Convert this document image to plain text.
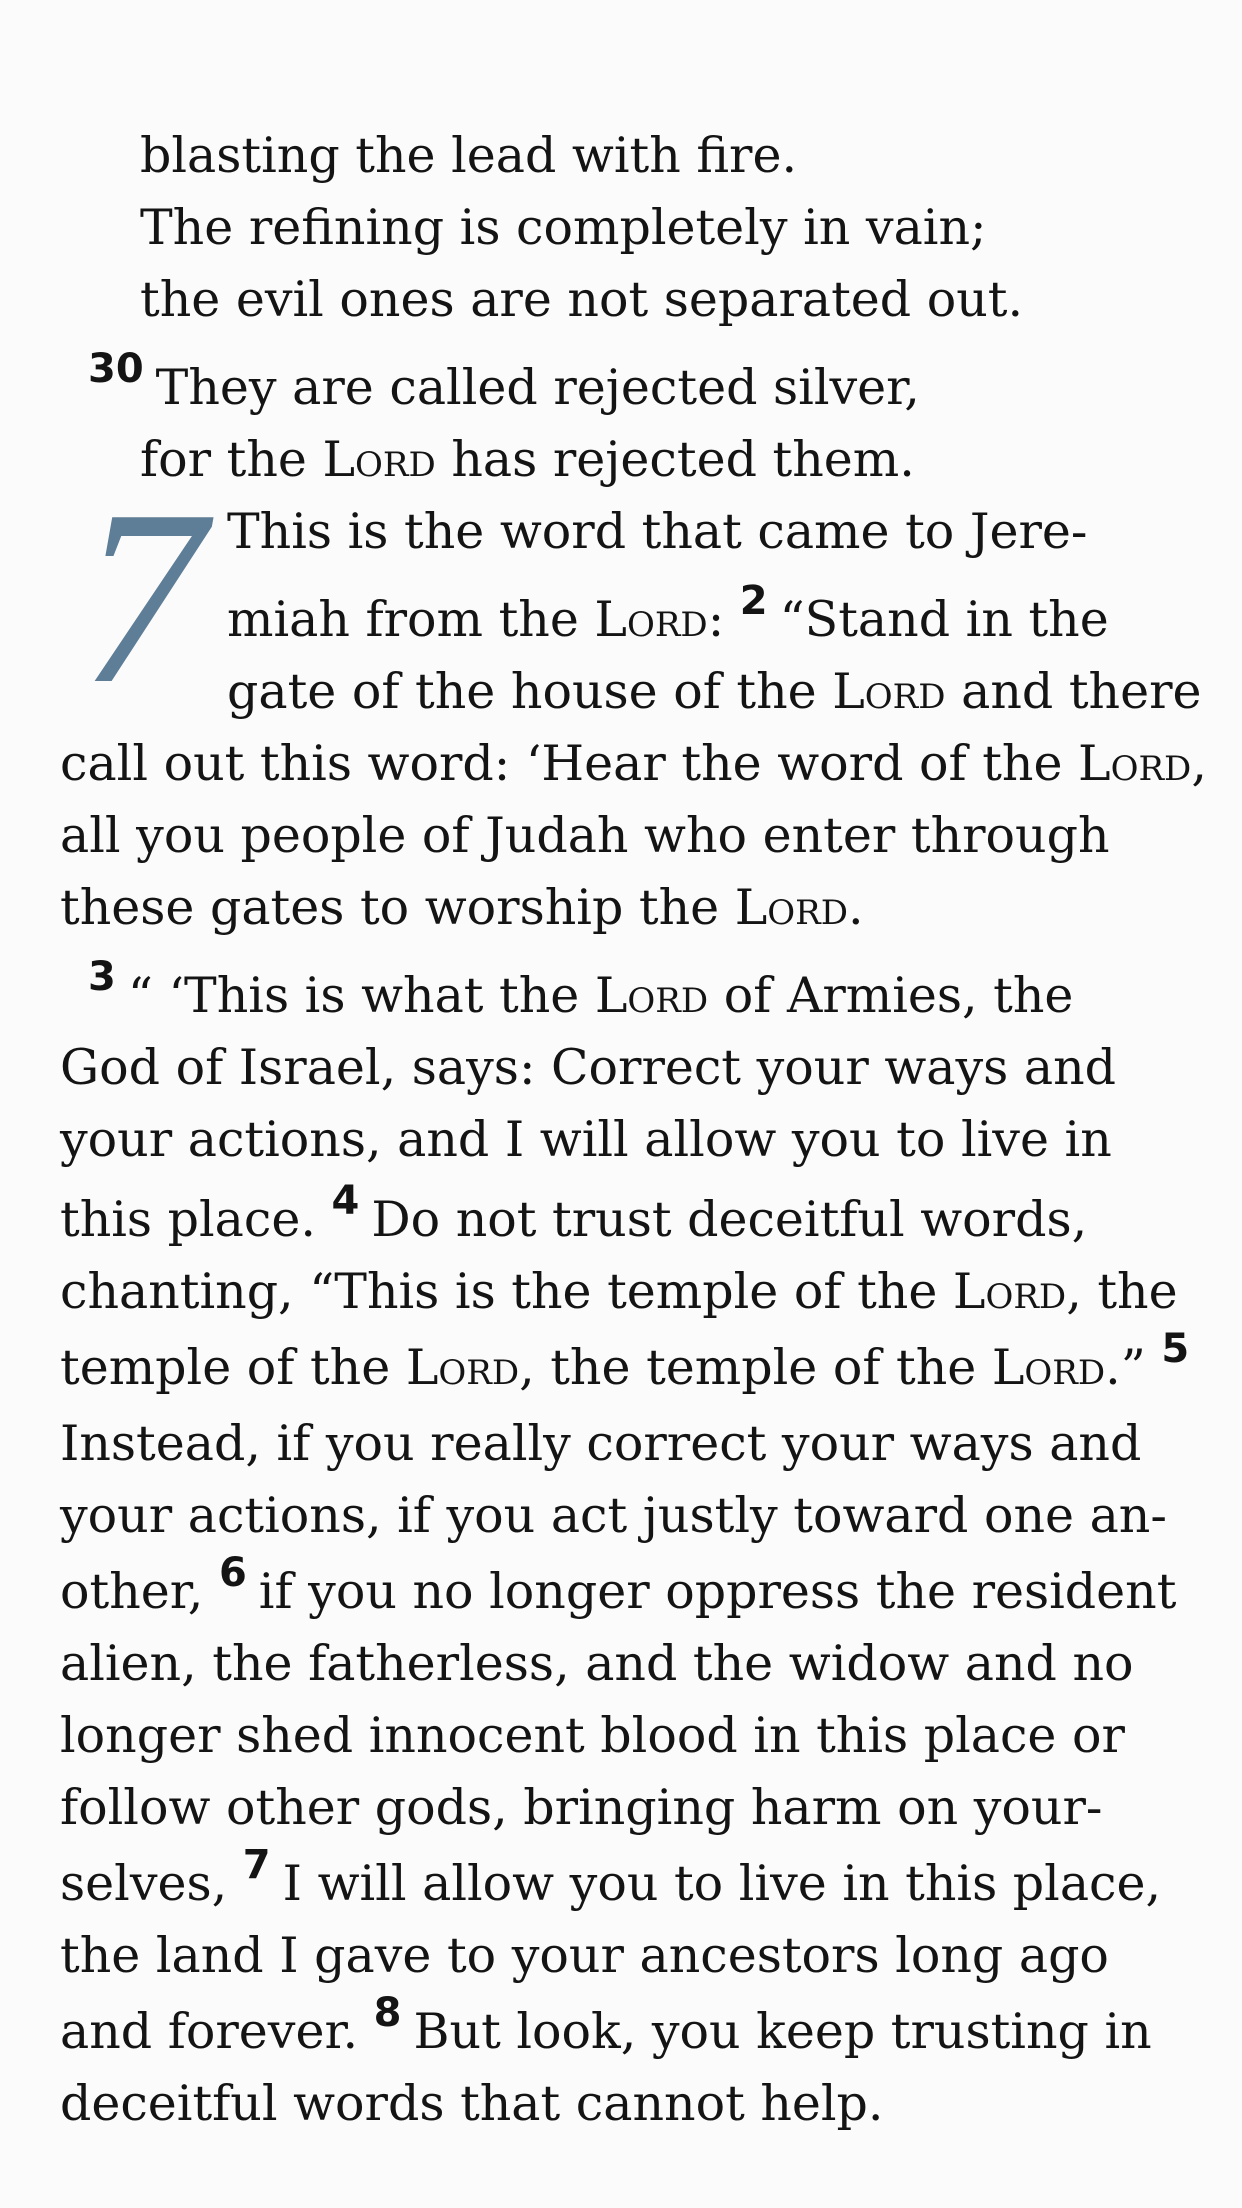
blasting the lead with fire.
The refining is completely in vain;
the evil ones are not separated out.
$^{30}$ They are called rejected silver,
for the Lord has rejected them.
7 This is the word that came to Jere-
miah from the Lord: $^2$ “Stand in the
gate of the house of the Lord and there
call out this word: ‘Hear the word of the Lord,
all you people of Judah who enter through
these gates to worship the Lord.
$^3$ “ ‘This is what the Lord of Armies, the
God of Israel, says: Correct your ways and
your actions, and I will allow you to live in
this place. $^4$ Do not trust deceitful words,
chanting, “This is the temple of the Lord, the
temple of the Lord, the temple of the Lord.” $^5$
Instead, if you really correct your ways and
your actions, if you act justly toward one an-
other, $^6$ if you no longer oppress the resident
alien, the fatherless, and the widow and no
longer shed innocent blood in this place or
follow other gods, bringing harm on your-
selves, $^7$ I will allow you to live in this place,
the land I gave to your ancestors long ago
and forever. $^8$ But look, you keep trusting in
deceitful words that cannot help.
